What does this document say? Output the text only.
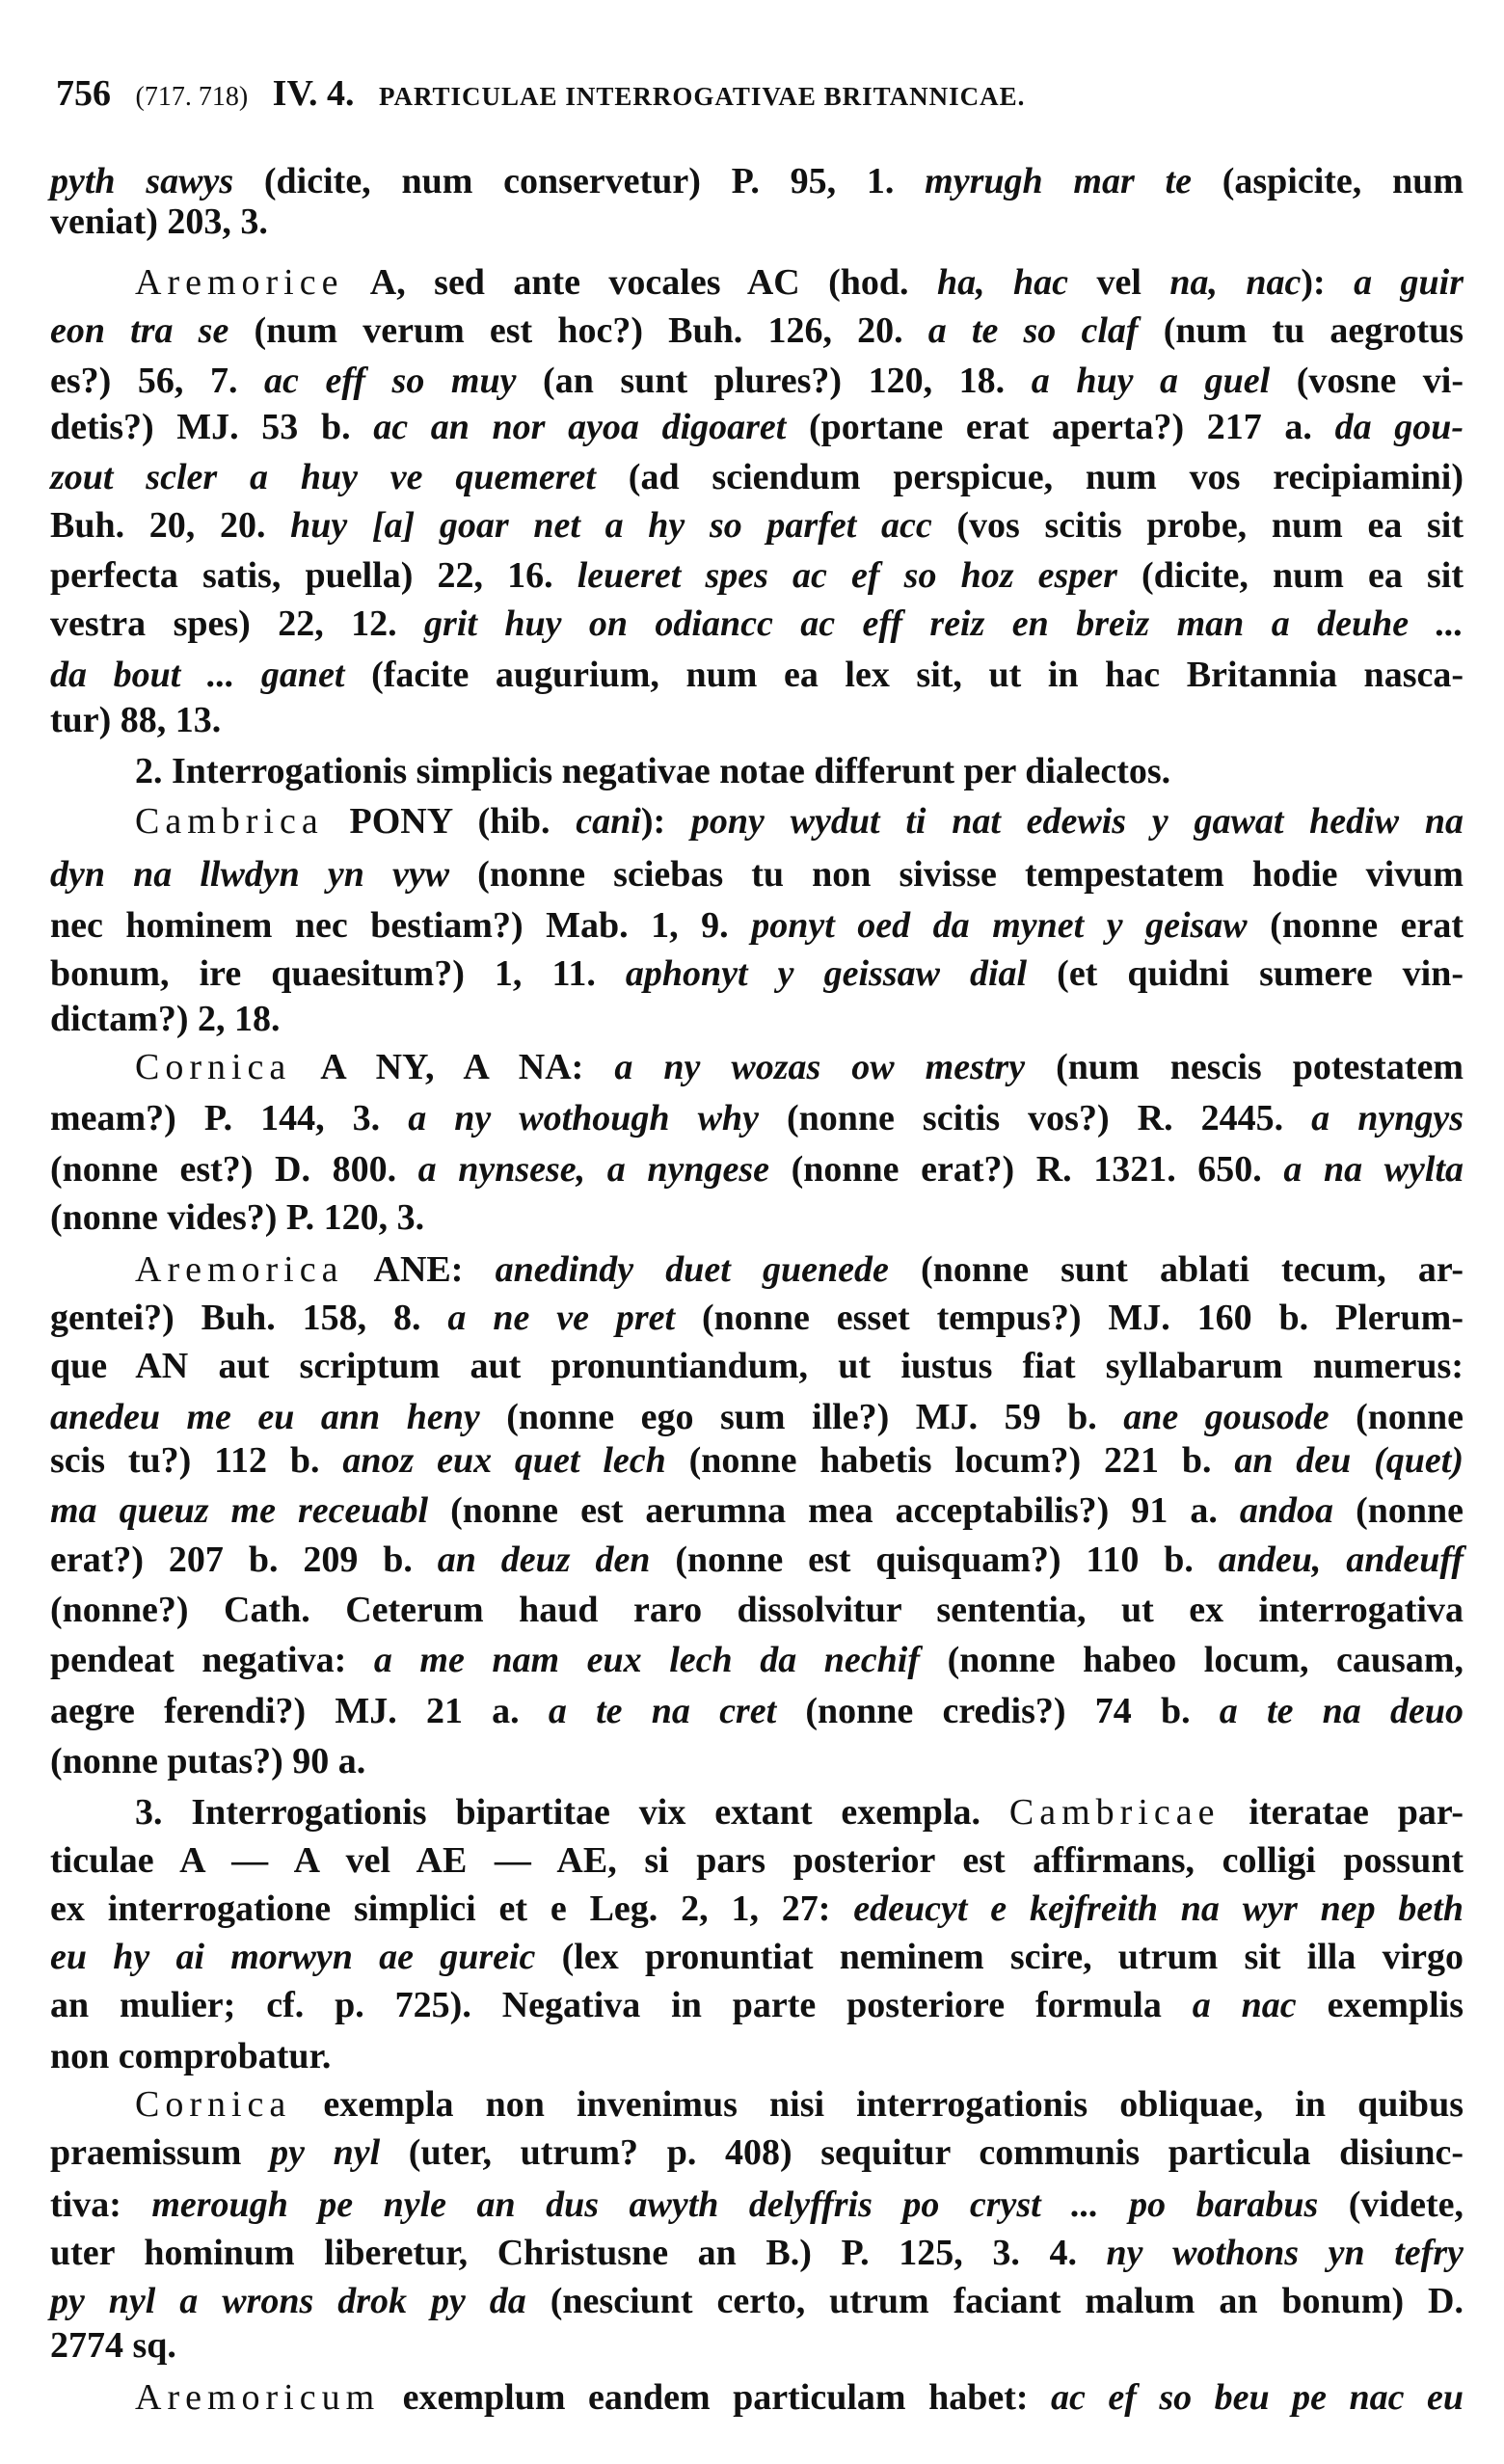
756 (717. 718) IV. 4. PARTICULAE INTERROGATIVAE BRITANNICAE.
pyth sawys (dicite, num conservetur) P. 95, 1. myrugh mar te (aspicite, num
veniat) 203, 3.
Aremorice A, sed ante vocales AC (hod. ha, hac vel na, nac): a guir
eon tra se (num verum est hoc?) Buh. 126, 20. a te so claf (num tu aegrotus
es?) 56, 7. ac eff so muy (an sunt plures?) 120, 18. a huy a guel (vosne vi-
detis?) MJ. 53 b. ac an nor ayoa digoaret (portane erat aperta?) 217 a. da gou-
zout scler a huy ve quemeret (ad sciendum perspicue, num vos recipiamini)
Buh. 20, 20. huy [a] goar net a hy so parfet acc (vos scitis probe, num ea sit
perfecta satis, puella) 22, 16. leueret spes ac ef so hoz esper (dicite, num ea sit
vestra spes) 22, 12. grit huy on odiancc ac eff reiz en breiz man a deuhe ...
da bout ... ganet (facite augurium, num ea lex sit, ut in hac Britannia nasca-
tur) 88, 13.
2. Interrogationis simplicis negativae notae differunt per dialectos.
Cambrica PONY (hib. cani): pony wydut ti nat edewis y gawat hediw na
dyn na llwdyn yn vyw (nonne sciebas tu non sivisse tempestatem hodie vivum
nec hominem nec bestiam?) Mab. 1, 9. ponyt oed da mynet y geisaw (nonne erat
bonum, ire quaesitum?) 1, 11. aphonyt y geissaw dial (et quidni sumere vin-
dictam?) 2, 18.
Cornica A NY, A NA: a ny wozas ow mestry (num nescis potestatem
meam?) P. 144, 3. a ny wothough why (nonne scitis vos?) R. 2445. a nyngys
(nonne est?) D. 800. a nynsese, a nyngese (nonne erat?) R. 1321. 650. a na wylta
(nonne vides?) P. 120, 3.
Aremorica ANE: anedindy duet guenede (nonne sunt ablati tecum, ar-
gentei?) Buh. 158, 8. a ne ve pret (nonne esset tempus?) MJ. 160 b. Plerum-
que AN aut scriptum aut pronuntiandum, ut iustus fiat syllabarum numerus:
anedeu me eu ann heny (nonne ego sum ille?) MJ. 59 b. ane gousode (nonne
scis tu?) 112 b. anoz eux quet lech (nonne habetis locum?) 221 b. an deu (quet)
ma queuz me receuabl (nonne est aerumna mea acceptabilis?) 91 a. andoa (nonne
erat?) 207 b. 209 b. an deuz den (nonne est quisquam?) 110 b. andeu, andeuff
(nonne?) Cath. Ceterum haud raro dissolvitur sententia, ut ex interrogativa
pendeat negativa: a me nam eux lech da nechif (nonne habeo locum, causam,
aegre ferendi?) MJ. 21 a. a te na cret (nonne credis?) 74 b. a te na deuo
(nonne putas?) 90 a.
3. Interrogationis bipartitae vix extant exempla. Cambricae iteratae par-
ticulae A — A vel AE — AE, si pars posterior est affirmans, colligi possunt
ex interrogatione simplici et e Leg. 2, 1, 27: edeucyt e kejfreith na wyr nep beth
eu hy ai morwyn ae gureic (lex pronuntiat neminem scire, utrum sit illa virgo
an mulier; cf. p. 725). Negativa in parte posteriore formula a nac exemplis
non comprobatur.
Cornica exempla non invenimus nisi interrogationis obliquae, in quibus
praemissum py nyl (uter, utrum? p. 408) sequitur communis particula disiunc-
tiva: merough pe nyle an dus awyth delyffris po cryst ... po barabus (videte,
uter hominum liberetur, Christusne an B.) P. 125, 3. 4. ny wothons yn tefry
py nyl a wrons drok py da (nesciunt certo, utrum faciant malum an bonum) D.
2774 sq.
Aremoricum exemplum eandem particulam habet: ac ef so beu pe nac eu
